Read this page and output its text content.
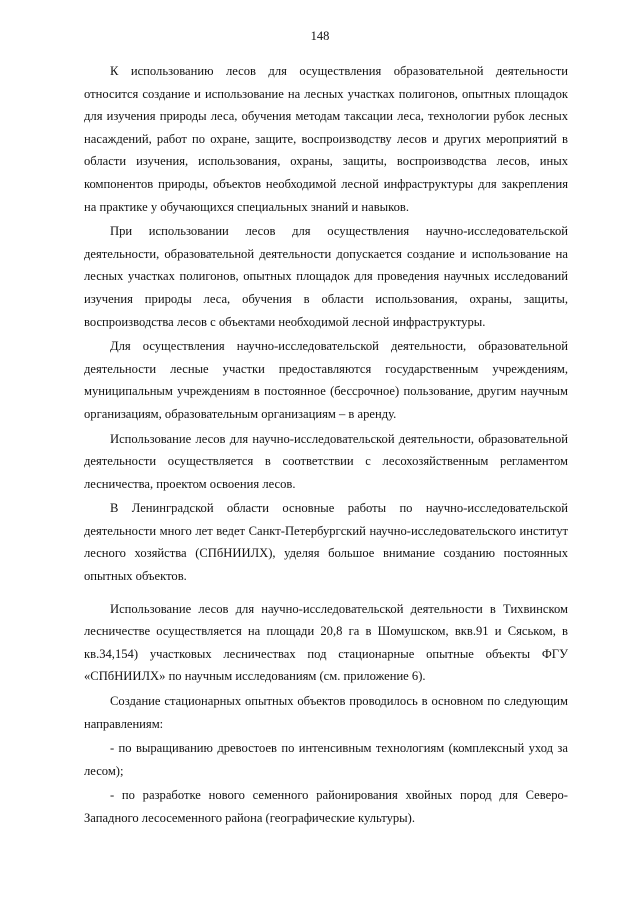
148

К использованию лесов для осуществления образовательной деятельности относится создание и использование на лесных участках полигонов, опытных площадок для изучения природы леса, обучения методам таксации леса, технологии рубок лесных насаждений, работ по охране, защите, воспроизводству лесов и других мероприятий в области изучения, использования, охраны, защиты, воспроизводства лесов, иных компонентов природы, объектов необходимой лесной инфраструктуры для закрепления на практике у обучающихся специальных знаний и навыков.

При использовании лесов для осуществления научно-исследовательской деятельности, образовательной деятельности допускается создание и использование на лесных участках полигонов, опытных площадок для проведения научных исследований изучения природы леса, обучения в области использования, охраны, защиты, воспроизводства лесов с объектами необходимой лесной инфраструктуры.

Для осуществления научно-исследовательской деятельности, образовательной деятельности лесные участки предоставляются государственным учреждениям, муниципальным учреждениям в постоянное (бессрочное) пользование, другим научным организациям, образовательным организациям – в аренду.

Использование лесов для научно-исследовательской деятельности, образовательной деятельности осуществляется в соответствии с лесохозяйственным регламентом лесничества, проектом освоения лесов.

В Ленинградской области основные работы по научно-исследовательской деятельности много лет ведет Санкт-Петербургский научно-исследовательского институт лесного хозяйства (СПбНИИЛХ), уделяя большое внимание созданию постоянных опытных объектов.

Использование лесов для научно-исследовательской деятельности в Тихвинском лесничестве осуществляется на площади 20,8 га в Шомушском, вкв.91 и Сяськом, в кв.34,154) участковых лесничествах под стационарные опытные объекты ФГУ «СПбНИИЛХ» по научным исследованиям (см. приложение 6).

Создание стационарных опытных объектов проводилось в основном по следующим направлениям:

- по выращиванию древостоев по интенсивным технологиям (комплексный уход за лесом);

- по разработке нового семенного районирования хвойных пород для Северо- Западного лесосеменного района (географические культуры).
